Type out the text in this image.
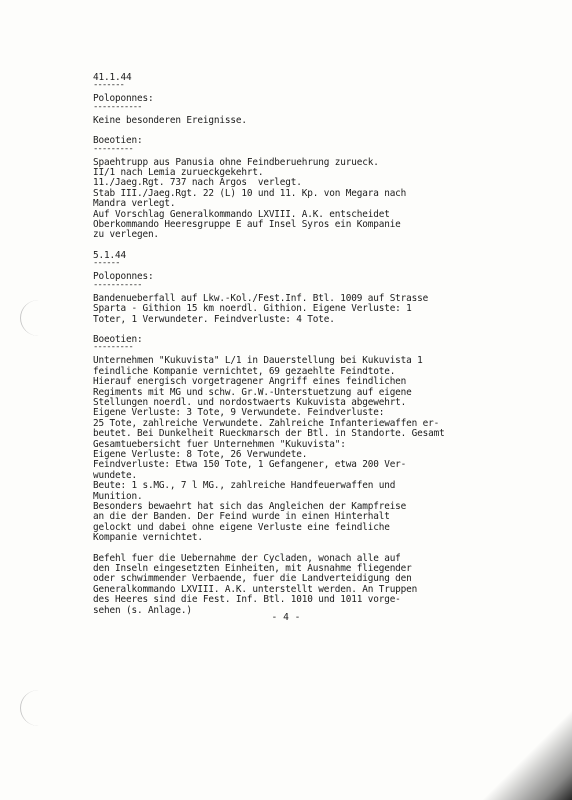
41.1.44
-------
Poloponnes:
-----------
Keine besonderen Ereignisse.
Boeotien:
---------
Spaehtrupp aus Panusia ohne Feindberuehrung zurueck.
II/1 nach Lemia zurueckgekehrt.
11./Jaeg.Rgt. 737 nach Argos  verlegt.
Stab III./Jaeg.Rgt. 22 (L) 10 und 11. Kp. von Megara nach
Mandra verlegt.
Auf Vorschlag Generalkommando LXVIII. A.K. entscheidet
Oberkommando Heeresgruppe E auf Insel Syros ein Kompanie
zu verlegen.
5.1.44
------
Poloponnes:
-----------
Bandenueberfall auf Lkw.-Kol./Fest.Inf. Btl. 1009 auf Strasse
Sparta - Githion 15 km noerdl. Githion. Eigene Verluste: 1
Toter, 1 Verwundeter. Feindverluste: 4 Tote.
Boeotien:
---------
Unternehmen "Kukuvista" L/1 in Dauerstellung bei Kukuvista 1
feindliche Kompanie vernichtet, 69 gezaehlte Feindtote.
Hierauf energisch vorgetragener Angriff eines feindlichen
Regiments mit MG und schw. Gr.W.-Unterstuetzung auf eigene
Stellungen noerdl. und nordostwaerts Kukuvista abgewehrt.
Eigene Verluste: 3 Tote, 9 Verwundete. Feindverluste:
25 Tote, zahlreiche Verwundete. Zahlreiche Infanteriewaffen er-
beutet. Bei Dunkelheit Rueckmarsch der Btl. in Standorte. Gesamt
Gesamtuebersicht fuer Unternehmen "Kukuvista":
Eigene Verluste: 8 Tote, 26 Verwundete.
Feindverluste: Etwa 150 Tote, 1 Gefangener, etwa 200 Ver-
wundete.
Beute: 1 s.MG., 7 l MG., zahlreiche Handfeuerwaffen und
Munition.
Besonders bewaehrt hat sich das Angleichen der Kampfreise
an die der Banden. Der Feind wurde in einen Hinterhalt
gelockt und dabei ohne eigene Verluste eine feindliche
Kompanie vernichtet.
Befehl fuer die Uebernahme der Cycladen, wonach alle auf
den Inseln eingesetzten Einheiten, mit Ausnahme fliegender
oder schwimmender Verbaende, fuer die Landverteidigung den
Generalkommando LXVIII. A.K. unterstellt werden. An Truppen
des Heeres sind die Fest. Inf. Btl. 1010 und 1011 vorge-
sehen (s. Anlage.)
- 4 -
